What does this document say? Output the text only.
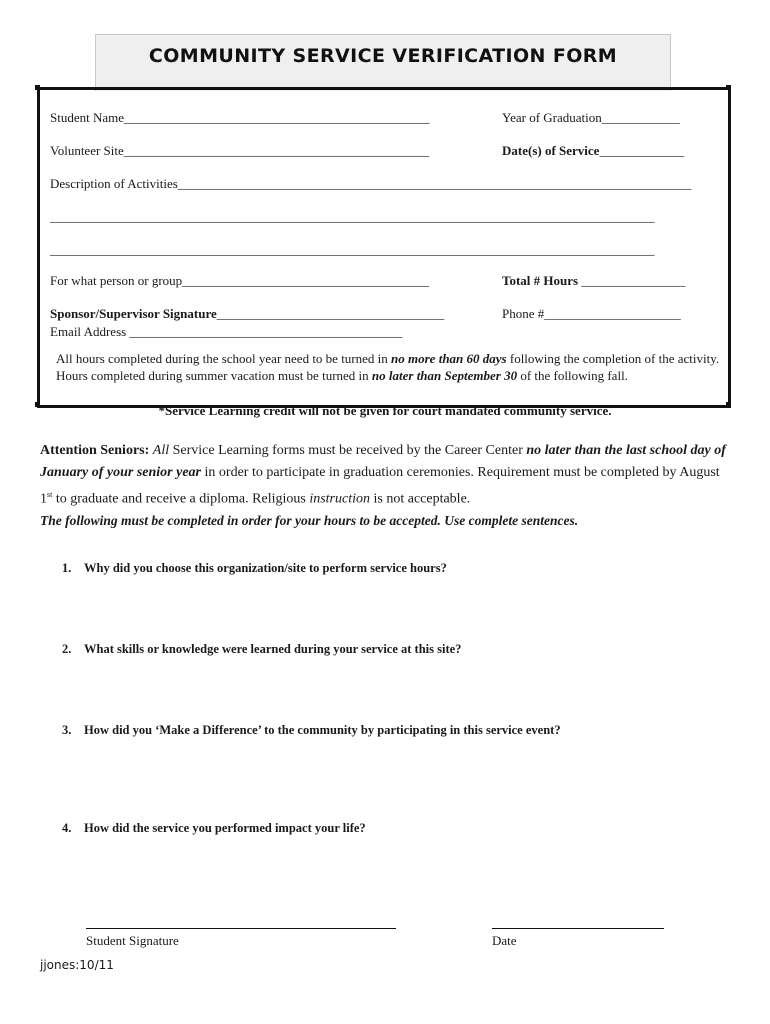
COMMUNITY SERVICE VERIFICATION FORM
Student Name_______________________________________________	Year of Graduation____________
Volunteer Site_______________________________________________	Date(s) of Service_____________
Description of Activities_______________________________________________________________________________
_____________________________________________________________________________________________
_____________________________________________________________________________________________
For what person or group______________________________________	Total # Hours ________________
Sponsor/Supervisor Signature___________________________________	Phone #_____________________
Email Address __________________________________________
All hours completed during the school year need to be turned in no more than 60 days following the completion of the activity. Hours completed during summer vacation must be turned in no later than September 30 of the following fall.
*Service Learning credit will not be given for court mandated community service.
Attention Seniors: All Service Learning forms must be received by the Career Center no later than the last school day of January of your senior year in order to participate in graduation ceremonies. Requirement must be completed by August 1st to graduate and receive a diploma. Religious instruction is not acceptable.
The following must be completed in order for your hours to be accepted. Use complete sentences.
1. Why did you choose this organization/site to perform service hours?
2. What skills or knowledge were learned during your service at this site?
3. How did you ‘Make a Difference’ to the community by participating in this service event?
4. How did the service you performed impact your life?
Student Signature	Date
jjones:10/11
